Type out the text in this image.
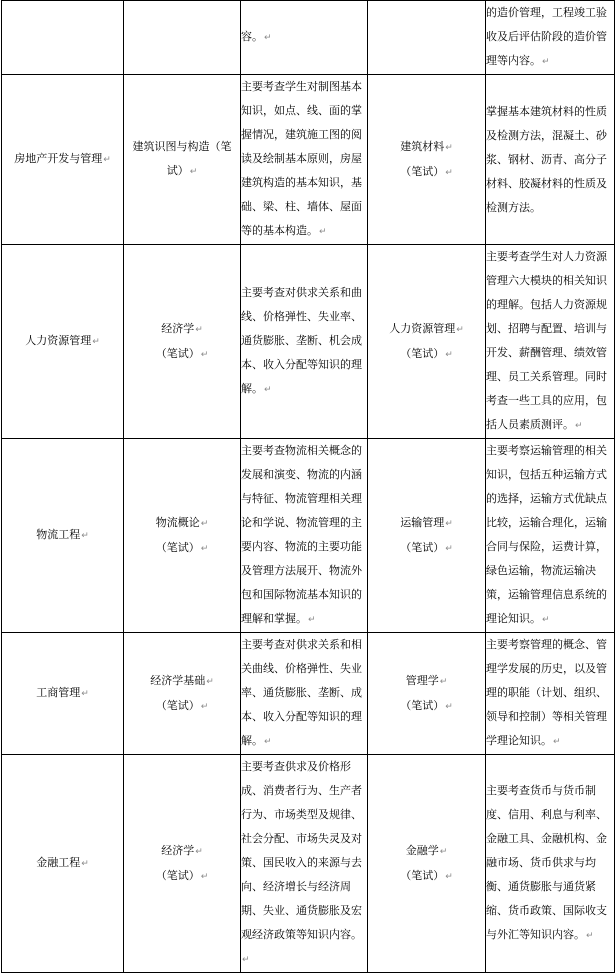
		容。↵		的造价管理，工程竣工验收及后评估阶段的造价管理等内容。↵
房地产开发与管理↵	建筑识图与构造（笔
试）↵	主要考查学生对制图基本知识，如点、线、面的掌握情况，建筑施工图的阅读及绘制基本原则，房屋建筑构造的基本知识，基础、梁、柱、墙体、屋面等的基本构造。↵	建筑材料↵
（笔试）↵	掌握基本建筑材料的性质及检测方法，混凝土、砂浆、钢材、沥青、高分子材料、胶凝材料的性质及检测方法。
人力资源管理↵	经济学↵
（笔试）↵	主要考查对供求关系和曲线、价格弹性、失业率、通货膨胀、垄断、机会成本、收入分配等知识的理解。↵	人力资源管理↵
（笔试）↵	主要考查学生对人力资源管理六大模块的相关知识的理解。包括人力资源规划、招聘与配置、培训与开发、薪酬管理、绩效管理、员工关系管理。同时考查一些工具的应用，包括人员素质测评。↵
物流工程↵	物流概论↵
（笔试）↵	主要考查物流相关概念的发展和演变、物流的内涵与特征、物流管理相关理论和学说、物流管理的主要内容、物流的主要功能及管理方法展开、物流外包和国际物流基本知识的理解和掌握。↵	运输管理↵
（笔试）↵	主要考察运输管理的相关知识，包括五种运输方式的选择，运输方式优缺点比较，运输合理化，运输合同与保险，运费计算，绿色运输，物流运输决策，运输管理信息系统的理论知识。↵
工商管理↵	经济学基础↵
（笔试）↵	主要考查对供求关系和相关曲线、价格弹性、失业率、通货膨胀、垄断、成本、收入分配等知识的理解。↵	管理学↵
（笔试）↵	主要考察管理的概念、管理学发展的历史，以及管理的职能（计划、组织、领导和控制）等相关管理学理论知识。↵
金融工程↵	经济学↵
（笔试）↵	主要考查供求及价格形成、消费者行为、生产者行为、市场类型及规律、社会分配、市场失灵及对策、国民收入的来源与去向、经济增长与经济周期、失业、通货膨胀及宏观经济政策等知识内容。↵	金融学↵
（笔试）↵	主要考查货币与货币制度、信用、利息与利率、金融工具、金融机构、金融市场、货币供求与均衡、通货膨胀与通货紧缩、货币政策、国际收支与外汇等知识内容。↵
